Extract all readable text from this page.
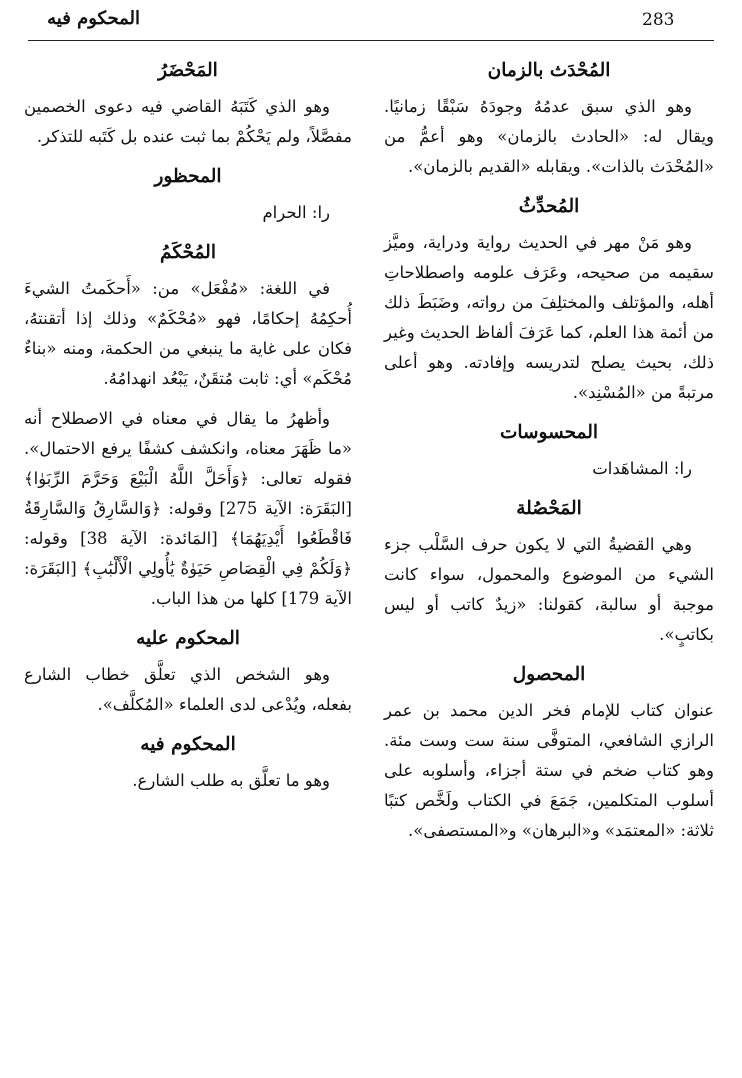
283
المحكوم فيه
المُحْدَث بالزمان

وهو الذي سبق عدمُهُ وجودَهُ سَبْقًا زمانيًا. ويقال له: «الحادث بالزمان» وهو أعمُّ من «المُحْدَث بالذات». ويقابله «القديم بالزمان».

المُحدِّثُ

وهو مَنْ مهر في الحديث رواية ودراية، وميَّز سقيمه من صحيحه، وعَرَف علومه واصطلاحاتِ أهله، والمؤتلف والمختلِفَ من رواته، وضَبَطَ ذلك من أئمة هذا العلم، كما عَرَفَ ألفاظ الحديث وغير ذلك، بحيث يصلح لتدريسه وإفادته. وهو أعلى مرتبةً من «المُسْنِد».

المحسوسات

را: المشاهَدات

المَحْصُلة

وهي القضيةُ التي لا يكون حرف السَّلْب جزء الشيء من الموضوع والمحمول، سواء كانت موجبة أو سالبة، كقولنا: «زيدٌ كاتب أو ليس بكاتبٍ».

المحصول

عنوان كتاب للإمام فخر الدين محمد بن عمر الرازي الشافعي، المتوفَّى سنة ست وست مئة. وهو كتاب ضخم في ستة أجزاء، وأسلوبه على أسلوب المتكلمين، جَمَعَ في الكتاب ولَخَّص كتبًا ثلاثة: «المعتمَد» و«البرهان» و«المستصفى».

المَحْضَرُ

وهو الذي كَتَبَهُ القاضي فيه دعوى الخصمين مفصَّلاً، ولم يَحْكُمْ بما ثبت عنده بل كَتَبه للتذكر.

المحظور

را: الحرام

المُحْكَمُ

في اللغة: «مُفْعَل» من: «أَحكَمتُ الشيءَ أُحكِمُهُ إحكامًا، فهو «مُحْكَمٌ» وذلك إذا أتقنتهُ، فكان على غاية ما ينبغي من الحكمة، ومنه «بناءٌ مُحْكَم» أي: ثابت مُتقَنٌ، يَبْعُد انهدامُهُ.

وأظهرُ ما يقال في معناه في الاصطلاح أنه «ما ظَهَرَ معناه، وانكشف كشفًا يرفع الاحتمال». فقوله تعالى: ﴿وَأَحَلَّ اللَّهُ الْبَيْعَ وَحَرَّمَ الرِّبَوٰا﴾ [البَقَرَة: الآية 275] وقوله: ﴿وَالسَّارِقُ وَالسَّارِقَةُ فَاقْطَعُوا أَيْدِيَهُمَا﴾ [المَائدة: الآية 38] وقوله: ﴿وَلَكُمْ فِي الْقِصَاصِ حَيَوٰةٌ يَٰأُولِي الْأَلْبَٰبِ﴾ [البَقَرَة: الآية 179] كلها من هذا الباب.

المحكوم عليه

وهو الشخص الذي تعلَّق خطاب الشارع بفعله، ويُدْعى لدى العلماء «المُكلَّف».

المحكوم فيه

وهو ما تعلَّق به طلب الشارع.
